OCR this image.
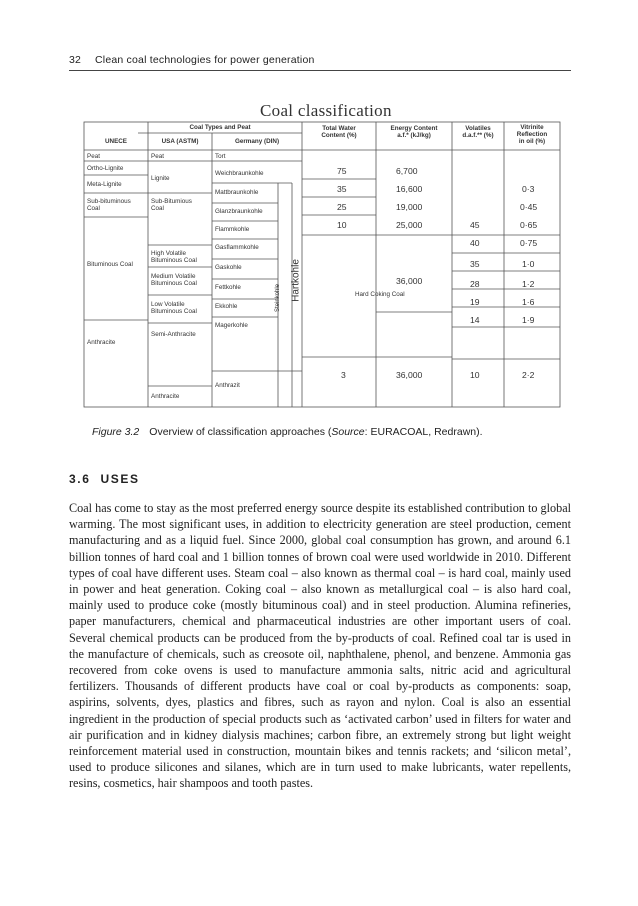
32 Clean coal technologies for power generation
Coal classification
Coal Types and Peat
UNECE	USA (ASTM)	Germany (DIN)
Total Water
Content (%)
Energy Content
a.f.* (kJ/kg)
Volatiles
d.a.f.** (%)
Vitrinite
Reflection
in oil (%)
Peat
Ortho-Lignite
Meta-Lignite
Sub-bituminous
Coal
Bituminous Coal
Anthracite
Peat
Lignite
Sub-Bitumious
Coal
High Volatile
Bituminous Coal
Medium Volatile
Bituminous Coal
Low Volatile
Bituminous Coal
Semi-Anthracite
Anthracite
Tort
Weichbraunkohle
Mattbraunkohle
Glanzbraunkohle
Flammkohle
Gasflammkohle
Gaskohle
Fettkohle
Ekkohle
Magerkohle
Anthrazit
Steinkohle Hartkohle
75
35
25
10
3
6,700
16,600
19,000
25,000
36,000
36,000
Hard Coking Coal
45
40
35
28
19
14
10
0·3
0·45
0·65
0·75
1·0
1·2
1·6
1·9
2·2
Figure 3.2 Overview of classification approaches (Source: EURACOAL, Redrawn).
3.6 USES

Coal has come to stay as the most preferred energy source despite its established contribution to global warming. The most significant uses, in addition to electricity generation are steel production, cement manufacturing and as a liquid fuel. Since 2000, global coal consumption has grown, and around 6.1 billion tonnes of hard coal and 1 billion tonnes of brown coal were used worldwide in 2010. Different types of coal have different uses. Steam coal – also known as thermal coal – is hard coal, mainly used in power and heat generation. Coking coal – also known as metallurgical coal – is also hard coal, mainly used to produce coke (mostly bituminous coal) and in steel production. Alumina refineries, paper manufacturers, chemical and pharmaceutical industries are other important users of coal. Several chemical products can be produced from the by-products of coal. Refined coal tar is used in the manufacture of chemicals, such as creosote oil, naphthalene, phenol, and benzene. Ammonia gas recovered from coke ovens is used to manufacture ammonia salts, nitric acid and agricultural fertilizers. Thousands of different products have coal or coal by-products as components: soap, aspirins, solvents, dyes, plastics and fibres, such as rayon and nylon. Coal is also an essential ingredient in the production of special products such as ‘activated carbon’ used in filters for water and air purification and in kidney dialysis machines; carbon fibre, an extremely strong but light weight reinforcement material used in construction, mountain bikes and tennis rackets; and ‘silicon metal’, used to produce silicones and silanes, which are in turn used to make lubricants, water repellents, resins, cosmetics, hair shampoos and tooth pastes.
